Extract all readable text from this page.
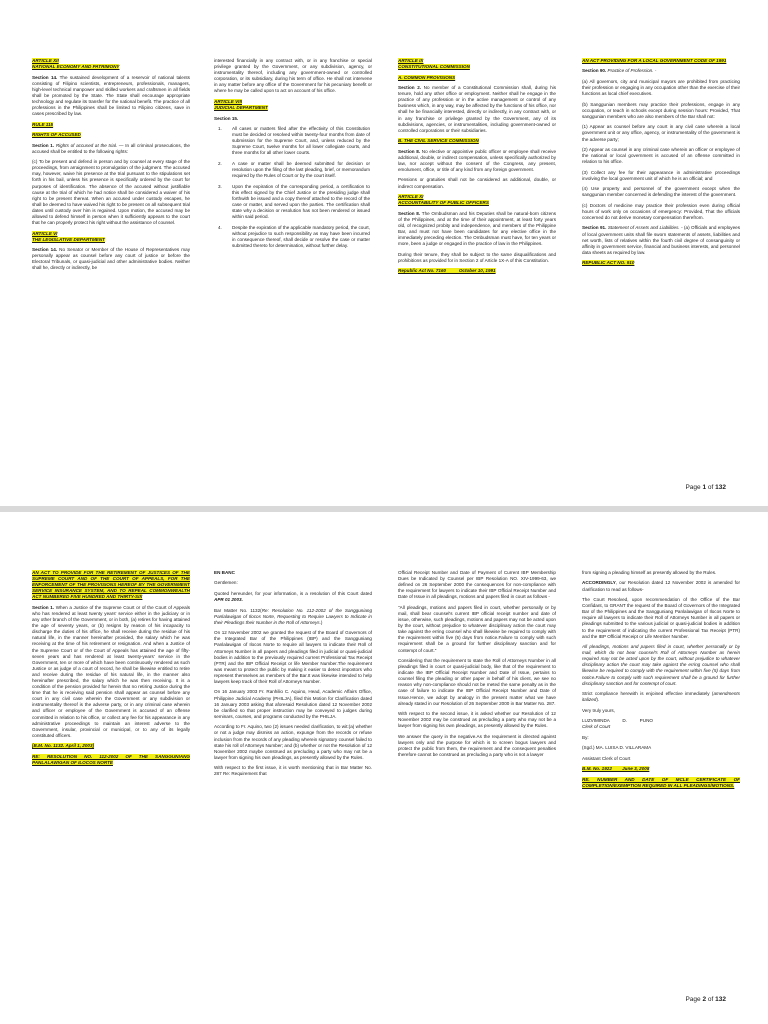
ARTICLE XII
NATIONAL ECONOMY AND PATRIMONY

Section 14. The sustained development of a reservoir of national talents consisting of Filipino scientists, entrepreneurs, professionals, managers, high-level technical manpower and skilled workers and craftsmen in all fields shall be promoted by the State. The State shall encourage appropriate technology and regulate its transfer for the national benefit. The practice of all professions in the Philippines shall be limited to Filipino citizens, save in cases prescribed by law.

RULE 115
RIGHTS OF ACCUSED

Section 1. Rights of accused at the trial. — In all criminal prosecutions, the accused shall be entitled to the following rights:

(c) To be present and defend in person and by counsel at every stage of the proceedings, from arraignment to promulgation of the judgment. The accused may, however, waive his presence at the trial pursuant to the stipulations set forth in his bail, unless his presence is specifically ordered by the court for purposes of identification. The absence of the accused without justifiable cause at the trial of which he had notice shall be considered a waiver of his right to be present thereat. When an accused under custody escapes, he shall be deemed to have waived his right to be present on all subsequent trial dates until custody over him is regained. Upon motion, the accused may be allowed to defend himself in person when it sufficiently appears to the court that he can properly protect his right without the assistance of counsel.

ARTICLE VI
THE LEGISLATIVE DEPARTMENT

Section 14. No Senator or Member of the House of Representatives may personally appear as counsel before any court of justice or before the Electoral Tribunals, or quasi-judicial and other administrative bodies. Neither shall he, directly or indirectly, be

interested financially in any contract with, or in any franchise or special privilege granted by the Government, or any subdivision, agency, or instrumentality thereof, including any government-owned or controlled corporation, or its subsidiary, during his term of office. He shall not intervene in any matter before any office of the Government for his pecuniary benefit or where he may be called upon to act on account of his office.

ARTICLE VIII
JUDICIAL DEPARTMENT

Section 15.

1.	All cases or matters filed after the effectivity of this Constitution must be decided or resolved within twenty-four months from date of submission for the Supreme Court, and, unless reduced by the Supreme Court, twelve months for all lower collegiate courts, and three months for all other lower courts.
2.	A case or matter shall be deemed submitted for decision or resolution upon the filing of the last pleading, brief, or memorandum required by the Rules of Court or by the court itself.
3.	Upon the expiration of the corresponding period, a certification to this effect signed by the Chief Justice or the presiding judge shall forthwith be issued and a copy thereof attached to the record of the case or matter, and served upon the parties. The certification shall state why a decision or resolution has not been rendered or issued within said period.
4.	Despite the expiration of the applicable mandatory period, the court, without prejudice to such responsibility as may have been incurred in consequence thereof, shall decide or resolve the case or matter submitted thereto for determination, without further delay.
ARTICLE IX
CONSTITUTIONAL COMMISSION
A. COMMON PROVISIONS

Section 2. No member of a Constitutional Commission shall, during his tenure, hold any other office or employment. Neither shall he engage in the practice of any profession or in the active management or control of any business which, in any way, may be affected by the functions of his office, nor shall he be financially interested, directly or indirectly, in any contract with, or in any franchise or privilege granted by the Government, any of its subdivisions, agencies, or instrumentalities, including government-owned or controlled corporations or their subsidiaries.

B. THE CIVIL SERVICE COMMISSION

Section 8. No elective or appointive public officer or employee shall receive additional, double, or indirect compensation, unless specifically authorized by law, nor accept without the consent of the Congress, any present, emolument, office, or title of any kind from any foreign government.

Pensions or gratuities shall not be considered as additional, double, or indirect compensation.

ARTICLE XI
ACCOUNTABILITY OF PUBLIC OFFICERS

Section 8. The Ombudsman and his Deputies shall be natural-born citizens of the Philippines, and at the time of their appointment, at least forty years old, of recognized probity and independence, and members of the Philippine Bar, and must not have been candidates for any elective office in the immediately preceding election. The Ombudsman must have, for ten years or more, been a judge or engaged in the practice of law in the Philippines.

During their tenure, they shall be subject to the same disqualifications and prohibitions as provided for in Section 2 of Article 1X-A of this Constitution.

Republic Act No. 7160          October 10, 1991
AN ACT PROVIDING FOR A LOCAL GOVERNMENT CODE OF 1991

Section 90. Practice of Profession. -

(a) All governors, city and municipal mayors are prohibited from practicing their profession or engaging in any occupation other than the exercise of their functions as local chief executives.

(b) Sanggunian members may practice their professions, engage in any occupation, or teach in schools except during session hours: Provided, That sanggunian members who are also members of the Bar shall not:

(1) Appear as counsel before any court in any civil case wherein a local government unit or any office, agency, or instrumentality of the government is the adverse party;

(2) Appear as counsel in any criminal case wherein an officer or employee of the national or local government is accused of an offense committed in relation to his office.

(3) Collect any fee for their appearance in administrative proceedings involving the local government unit of which he is an official; and

(4) Use property and personnel of the government except when the sanggunian member concerned is defending the interest of the government.

(c) Doctors of medicine may practice their profession even during official hours of work only on occasions of emergency: Provided, That the officials concerned do not derive monetary compensation therefrom.

Section 91. Statement of Assets and Liabilities. - (a) Officials and employees of local government units shall file sworn statements of assets, liabilities and net worth, lists of relatives within the fourth civil degree of consanguinity or affinity in government service, financial and business interests, and personnel data sheets as required by law.

REPUBLIC ACT NO. 910
Page 1 of 132
AN ACT TO PROVIDE FOR THE RETIREMENT OF JUSTICES OF THE SUPREME COURT AND OF THE COURT OF APPEALS, FOR THE ENFORCEMENT OF THE PROVISIONS HEREOF BY THE GOVERNMENT SERVICE INSURANCE SYSTEM, AND TO REPEAL COMMONWEALTH ACT NUMBERED FIVE HUNDRED AND THIRTY-SIX

Section 1. When a Justice of the Supreme Court or of the Court of Appeals who has rendered at least twenty years' service either in the judiciary or in any other branch of the Government, or in both, (a) retires for having attained the age of seventy years, or (b) resigns by reason of his incapacity to discharge the duties of his office, he shall receive during the residue of his natural life, in the manner hereinafter provided, the salary which he was receiving at the time of his retirement or resignation. And when a Justice of the Supreme Court or of the Court of Appeals has attained the age of fifty-seven years and has rendered at least twenty-years' service in the Government, ten or more of which have been continuously rendered as such Justice or as judge of a court of record, he shall be likewise entitled to retire and receive during the residue of his natural life, in the manner also hereinafter prescribed, the salary which he was then receiving. It is a condition of the pension provided for herein that no retiring Justice during the time that he is receiving said pension shall appear as counsel before any court in any civil case wherein the Government or any subdivision or instrumentality thereof is the adverse party, or in any criminal case wherein and officer or employee of the Government is accused of an offense committed in relation to his office, or collect any fee for his appearance in any administrative proceedings to maintain an interest adverse to the Government, insular, provincial or municipal, or to any of its legally constituted officers.

[B.M. No. 1132. April 1, 2003]
RE: RESOLUTION NO. 112-2002 OF THE SANGGUNIANG PANLALAWIGAN OF ILOCOS NORTE

EN BANC

Gentlemen:

Quoted hereunder, for your information, is a resolution of this Court dated APR 01 2003.

Bar Matter No. 1132(Re: Resolution No. 112-2002 of the Sangguniang Panlalawigan of Ilocos Norte, Requesting to Require Lawyers to Indicate in their Pleadings their Number in the Roll of Attorneys.)

On 12 November 2002 we granted the request of the Board of Governors of the Integrated Bar of the Philippines (IBP) and the Sangguniang Panlalawigan of Ilocos Norte to require all lawyers to indicate their Roll of Attorneys Number in all papers and pleadings filed in judicial or quasi-judicial bodies in addition to the previously required current Professional Tax Receipt (PTR) and the IBP Official Receipt or life Member Number.The requirement was meant to protect the public by making it easier to detect impostors who represent themselves as members of the Bar.It was likewise intended to help lawyers keep track of their Roll of Attorneys Number.

On 16 January 2003 Fr. Ranhilio C. Aquino, Head, Academic Affairs Office, Philippine Judicial Academy (PHILJA), filed this Motion for Clarification dated 16 January 2003 asking that aforesaid Resolution dated 12 November 2002 be clarified so that proper instruction may be conveyed to judges during seminars, courses, and programs conducted by the PHILJA.

According to Fr. Aquino, two (2) issues needed clarification, to wit:(a) whether or not a judge may dismiss an action, expunge from the records or refuse inclusion from the records of any pleading wherein signatory counsel failed to state his roll of Attorneys Number; and (b) whether or not the Resolution of 12 November 2002 maybe construed as precluding a party who may not be a lawyer from signing his own pleadings, as presently allowed by the Rules.

With respect to the first issue, it is worth mentioning that in Bar Matter No. 287 Re: Requirement that

Official Receipt Number and Date of Payment of Current IBP Membership Dues be Indicated by Counsel per IBP Resolution NO. XIV-1999-63, we defined on 26 September 2000 the consequences for non-compliance with the requirement for lawyers to indicate their IBP Official Receipt Number and Date of Issue in all pleadings, motions and papers filed in court as follows -

"All pleadings, motions and papers filed in court, whether personally or by mail, shall bear counsel's current IBP official receipt number and date of issue, otherwise, such pleadings, motions and papers may not be acted upon by the court, without prejudice to whatever disciplinary action the court may take against the erring counsel who shall likewise be required to comply with the requirement within five (5) days from notice.Failure to comply with such requirement shall be a ground for further disciplinary sanction and for contempt of court."

Considering that the requirement to state the Roll of Attorneys Number in all pleadings filed in court or quasi-judicial body, like that of the requirement to indicate the IBP Official Receipt Number and Date of Issue, pertains to counsel filing the pleading or other paper in behalf of his client, we see no reason why non-compliance should not be meted the same penalty as in the case of failure to indicate the IBP Official Receipt Number and Date of Issue.Hence, we adopt by analogy in the present matter what we have already stated in our Resolution of 26 September 2000 in Bar Matter No. 287.

With respect to the second issue, it is asked whether our Resolution of 12 November 2002 may be construed as precluding a party who may not be a lawyer from signing his own pleadings, as presently allowed by the Rules.

We answer the query in the negative.As the requirement is directed against lawyers only and the purpose for which is to screen bogus lawyers and protect the public from them, the requirement and the consequent penalties therefore cannot be construed as precluding a party who is not a lawyer

from signing a pleading himself as presently allowed by the Rules.

ACCORDINGLY, our Resolution dated 12 November 2002 is amended for clarification to read as follows-

The Court Resolved, upon recommendation of the Office of the Bar Confidant, to GRANT the request of the Board of Governors of the Integrated Bar of the Philippines and the Sangguniang Panlalawigan of Ilocos Norte to require all lawyers to indicate their Roll of Attorneys Number in all papers or pleadings submitted to the various judicial or quasi-judicial bodies in addition to the requirement of indicating the current Professional Tax Receipt (PTR) and the IBP Official Receipt or Life Member Number.

All pleadings, motions and papers filed in court, whether personally or by mail, which do not bear counsel's Roll of Attorneys Number as herein required may not be acted upon by the court, without prejudice to whatever disciplinary action the court may take against the erring counsel who shall likewise be required to comply with the requirement within five (5) days from notice.Failure to comply with such requirement shall be a ground for further disciplinary sanction and for contempt of court.

Strict compliance herewith is enjoined effective immediately (amendments italized).

Very truly yours,

LUZVIMINDA          D.          PUNO

Clerk of Court

By:

(Sgd.) MA. LUISA D. VILLARAMA

Assistant Clerk of Court

B.M. No. 1922        June 3, 2008
RE. NUMBER AND DATE OF MCLE CERTIFICATE OF COMPLETION/EXEMPTION REQUIRED IN ALL PLEADINGS/MOTIONS.
Page 2 of 132
